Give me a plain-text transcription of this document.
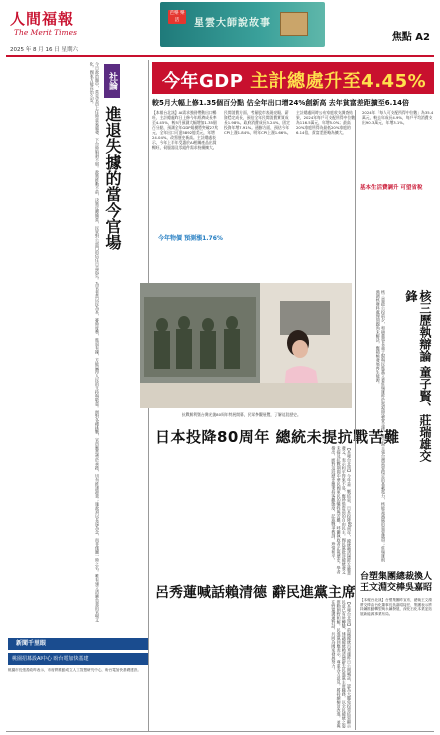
人間福報
The Merit Times
2025 年 8 月 16 日 星期六
芭樂 樂活	星雲大師說故事
焦點 A2
社論
進退失據的當今官場
今日政治圈中，常見官員上任時意氣風發、下台時狼狽不堪。政策推動不前，決策反覆無常，民眾對公部門的信任日益流失。為官者當以民為本，審時度勢，進退有據，方能贏得人民的支持與敬重。面對各種挑戰，官員應當勇於承擔，切勿推諉卸責；施政須以長遠為念，而非僅圖一時之名。唯有建立清廉負責的官場文化，國家方能長治久安。
新聞千里眼
桃園招募設AI中心 盼台電加快基建
桃園市長張善政昨表示，市府將推動成立人工智慧研究中心，盼台電加快基礎建設。
今年GDP 主計總處升至4.45%
較5月大幅上修1.35個百分點 估全年出口增24%創新高 去年貧富差距擴至6.14倍
【本報台北訊】AI需求強勁帶動出口暢旺，主計總處昨日上修今年經濟成長率至4.45%，較5月預測大幅增加1.35個百分點，預測全年GDP規模將突破27兆元，全年出口可達5892億美元，年增24.04%，改寫歷史新高。主計總處表示，今年上半年受惠於AI相關產品出貨暢旺，伺服器及零組件需求持續擴大。
民間消費方面，考量股市表現亮眼、薪資穩定成長，預估全年民間消費實質成長1.98%。政府消費成長3.24%，固定投資年增7.91%。通膨方面，預估今年CPI上漲1.84%，明年CPI上漲1.66%。
主計總處同時公布家庭收支調查結果，2024年每戶可支配所得中位數為116.5萬元，年增5.0%；最高20%家庭所得為最低20%家庭的6.14倍，貧富差距略為擴大。
2024年「每人可支配所得中位數」為35.4萬元，較去年成長4.9%，每戶平均消費支出90.3萬元，年增3.1%。
今年物價 預測漲1.76%
基本生活費調升 可望省稅
抗戰勝利暨台灣光復80周年特展開幕，民眾參觀展覽，了解這段歷史。
日本投降80周年 總統未提抗戰苦難
【本報台北訊】今年是二戰結束、日本投降80周年，總統賴清德昨在臉書發文，表示和平得來不易，應珍惜當前的自由民主。國民黨批評總統發文未提及抗戰期間中華民國軍民的犧牲與苦難，呼籲執政者正視歷史。學者指出，面對這段歷史應秉持客觀態度，記取戰爭教訓，珍惜和平。
呂秀蓮喊話賴清德 辭民進黨主席
【本報台北訊】前副總統呂秀蓮昨日公開喊話，認為大罷免投票結果顯示民意已有所轉變，建議總統賴清德辭去民進黨主席職務，以全民總統之姿推動朝野和解。民進黨回應表示，尊重各方意見，將持續檢討改進，並與在野黨溝通對話，共同為國家發展努力。
核三歷執辯論 童子賢、莊瑞雄交鋒
核三重啟公投前夕，和碩董事長童子賢與民進黨立委莊瑞雄昨於電視辯論會交鋒。童子賢主張台灣需要穩定的基載電力，核能是減碳的重要選項；莊瑞雄則強調核廢料處理問題尚未解決，應積極發展再生能源。
台塑集團總裁換人 王文淵交棒吳嘉昭
【本報台北訊】台塑集團昨宣布，總裁王文淵將交棒由台化董事長吳嘉昭接任，集團表示將持續推動轉型與永續發展，深化石化本業並拓展新能源事業布局。
